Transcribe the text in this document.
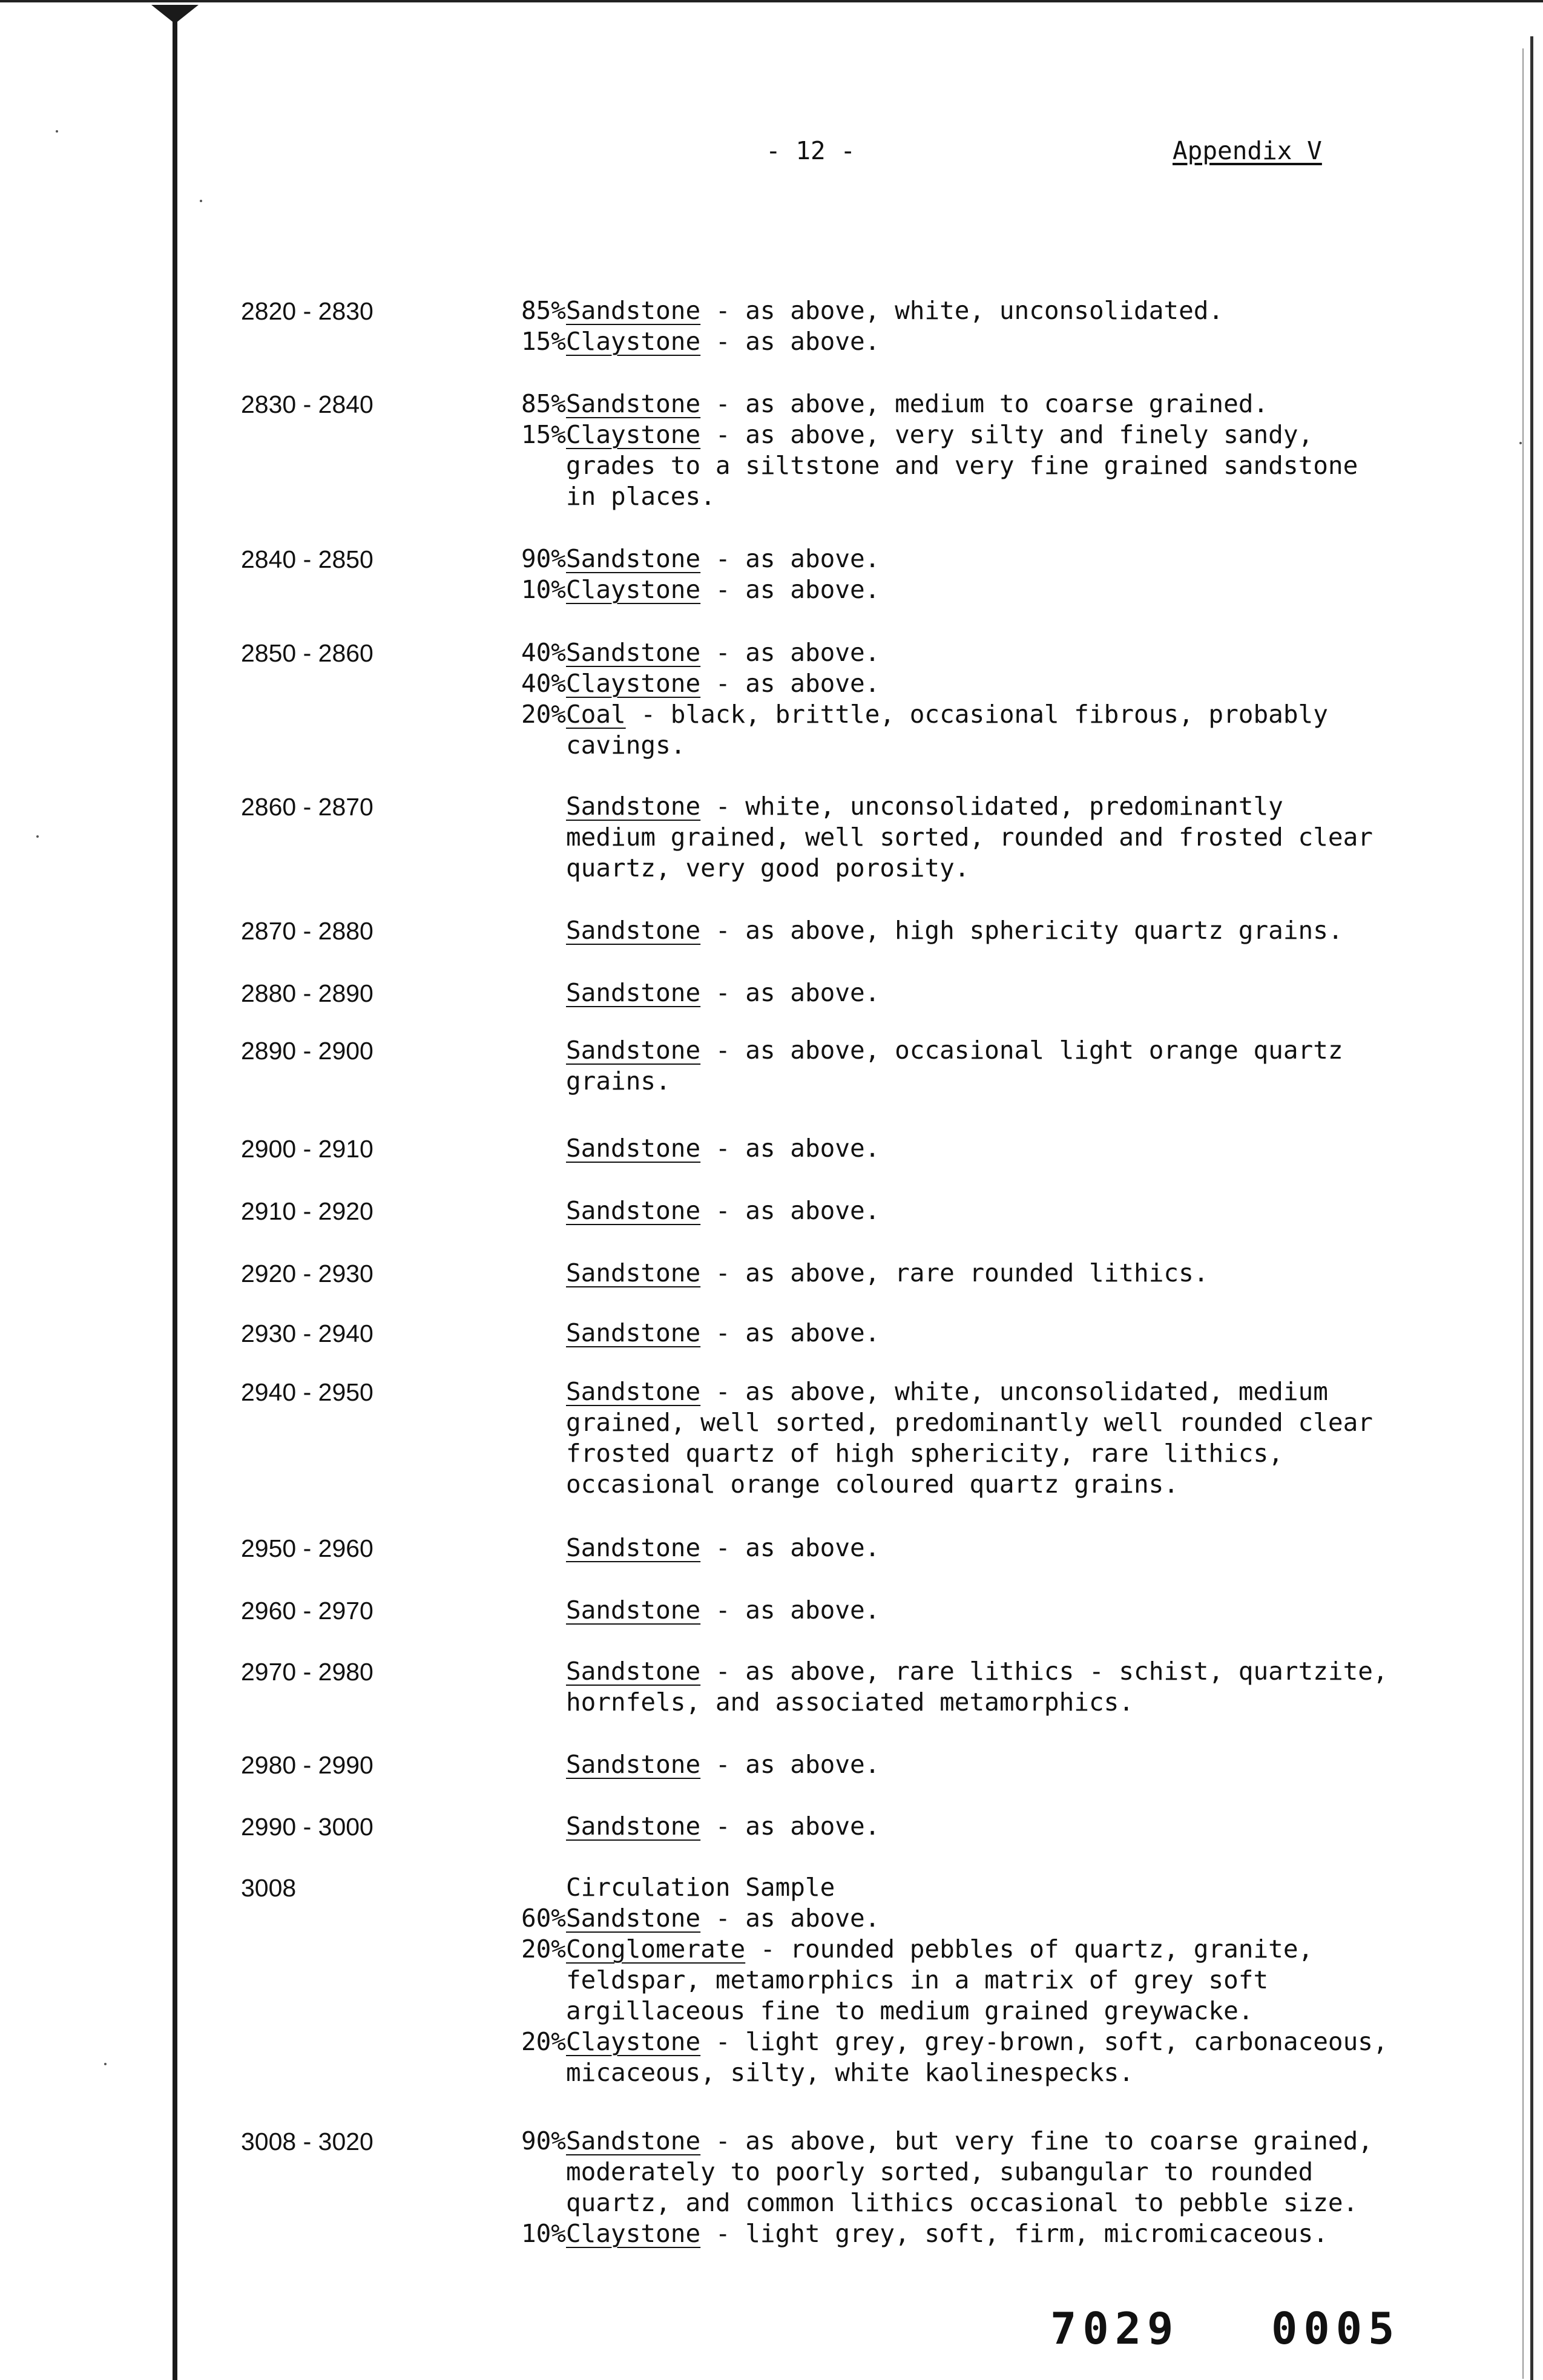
- 12 -	Appendix V
2820 - 2830	85% Sandstone - as above, white, unconsolidated.
15% Claystone - as above.
2830 - 2840	85% Sandstone - as above, medium to coarse grained.
15% Claystone - as above, very silty and finely sandy,
grades to a siltstone and very fine grained sandstone
in places.
2840 - 2850	90% Sandstone - as above.
10% Claystone - as above.
2850 - 2860	40% Sandstone - as above.
40% Claystone - as above.
20% Coal - black, brittle, occasional fibrous, probably
cavings.
2860 - 2870	Sandstone - white, unconsolidated, predominantly
medium grained, well sorted, rounded and frosted clear
quartz, very good porosity.
2870 - 2880	Sandstone - as above, high sphericity quartz grains.
2880 - 2890	Sandstone - as above.
2890 - 2900	Sandstone - as above, occasional light orange quartz
grains.
2900 - 2910	Sandstone - as above.
2910 - 2920	Sandstone - as above.
2920 - 2930	Sandstone - as above, rare rounded lithics.
2930 - 2940	Sandstone - as above.
2940 - 2950	Sandstone - as above, white, unconsolidated, medium
grained, well sorted, predominantly well rounded clear
frosted quartz of high sphericity, rare lithics,
occasional orange coloured quartz grains.
2950 - 2960	Sandstone - as above.
2960 - 2970	Sandstone - as above.
2970 - 2980	Sandstone - as above, rare lithics - schist, quartzite,
hornfels, and associated metamorphics.
2980 - 2990	Sandstone - as above.
2990 - 3000	Sandstone - as above.
3008	Circulation Sample
60% Sandstone - as above.
20% Conglomerate - rounded pebbles of quartz, granite,
feldspar, metamorphics in a matrix of grey soft
argillaceous fine to medium grained greywacke.
20% Claystone - light grey, grey-brown, soft, carbonaceous,
micaceous, silty, white kaolinespecks.
3008 - 3020	90% Sandstone - as above, but very fine to coarse grained,
moderately to poorly sorted, subangular to rounded
quartz, and common lithics occasional to pebble size.
10% Claystone - light grey, soft, firm, micromicaceous.
7029 0005
